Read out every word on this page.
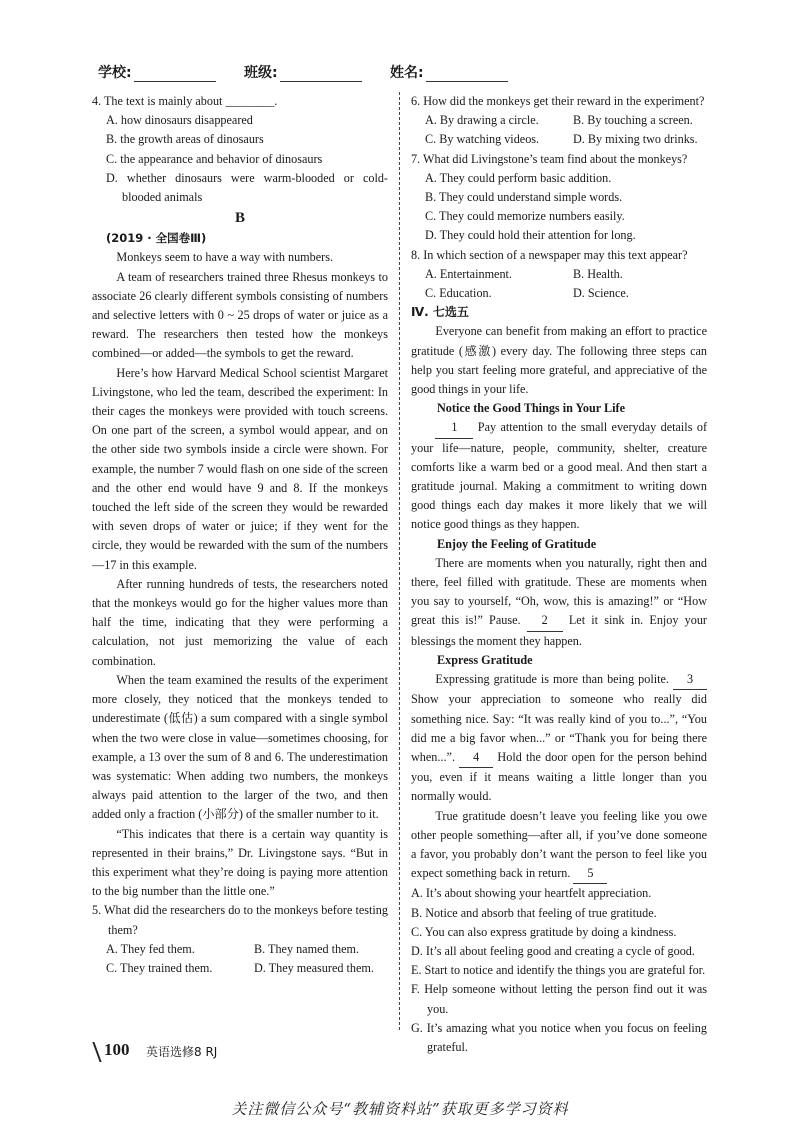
学校:	班级:	姓名:

4. The text is mainly about ________.

A. how dinosaurs disappeared

B. the growth areas of dinosaurs

C. the appearance and behavior of dinosaurs

D. whether dinosaurs were warm-blooded or cold-blooded animals

B

(2019 · 全国卷Ⅲ)

Monkeys seem to have a way with numbers.

A team of researchers trained three Rhesus monkeys to associate 26 clearly different symbols consisting of numbers and selective letters with 0 ~ 25 drops of water or juice as a reward. The researchers then tested how the monkeys combined—or added—the symbols to get the reward.

Here’s how Harvard Medical School scientist Margaret Livingstone, who led the team, described the experiment: In their cages the monkeys were provided with touch screens. On one part of the screen, a symbol would appear, and on the other side two symbols inside a circle were shown. For example, the number 7 would flash on one side of the screen and the other end would have 9 and 8. If the monkeys touched the left side of the screen they would be rewarded with seven drops of water or juice; if they went for the circle, they would be rewarded with the sum of the numbers—17 in this example.

After running hundreds of tests, the researchers noted that the monkeys would go for the higher values more than half the time, indicating that they were performing a calculation, not just memorizing the value of each combination.

When the team examined the results of the experiment more closely, they noticed that the monkeys tended to underestimate (低估) a sum compared with a single symbol when the two were close in value—sometimes choosing, for example, a 13 over the sum of 8 and 6. The underestimation was systematic: When adding two numbers, the monkeys always paid attention to the larger of the two, and then added only a fraction (小部分) of the smaller number to it.

“This indicates that there is a certain way quantity is represented in their brains,” Dr. Livingstone says. “But in this experiment what they’re doing is paying more attention to the big number than the little one.”

5. What did the researchers do to the monkeys before testing them?

A. They fed them.	B. They named them.
C. They trained them.	D. They measured them.

6. How did the monkeys get their reward in the experiment?

A. By drawing a circle.	B. By touching a screen.
C. By watching videos.	D. By mixing two drinks.

7. What did Livingstone’s team find about the monkeys?

A. They could perform basic addition.

B. They could understand simple words.

C. They could memorize numbers easily.

D. They could hold their attention for long.

8. In which section of a newspaper may this text appear?

A. Entertainment.	B. Health.
C. Education.	D. Science.

Ⅳ. 七选五

Everyone can benefit from making an effort to practice gratitude (感激) every day. The following three steps can help you start feeling more grateful, and appreciative of the good things in your life.

Notice the Good Things in Your Life

1 Pay attention to the small everyday details of your life—nature, people, community, shelter, creature comforts like a warm bed or a good meal. And then start a gratitude journal. Making a commitment to writing down good things each day makes it more likely that we will notice good things as they happen.

Enjoy the Feeling of Gratitude

There are moments when you naturally, right then and there, feel filled with gratitude. These are moments when you say to yourself, “Oh, wow, this is amazing!” or “How great this is!” Pause. 2 Let it sink in. Enjoy your blessings the moment they happen.

Express Gratitude

Expressing gratitude is more than being polite. 3 Show your appreciation to someone who really did something nice. Say: “It was really kind of you to...”, “You did me a big favor when...” or “Thank you for being there when...”. 4 Hold the door open for the person behind you, even if it means waiting a little longer than you normally would.

True gratitude doesn’t leave you feeling like you owe other people something—after all, if you’ve done someone a favor, you probably don’t want the person to feel like you expect something back in return. 5

A. It’s about showing your heartfelt appreciation.

B. Notice and absorb that feeling of true gratitude.

C. You can also express gratitude by doing a kindness.

D. It’s all about feeling good and creating a cycle of good.

E. Start to notice and identify the things you are grateful for.

F. Help someone without letting the person find out it was you.

G. It’s amazing what you notice when you focus on feeling grateful.

100 英语选修8 RJ
关注微信公众号“教辅资料站”获取更多学习资料
